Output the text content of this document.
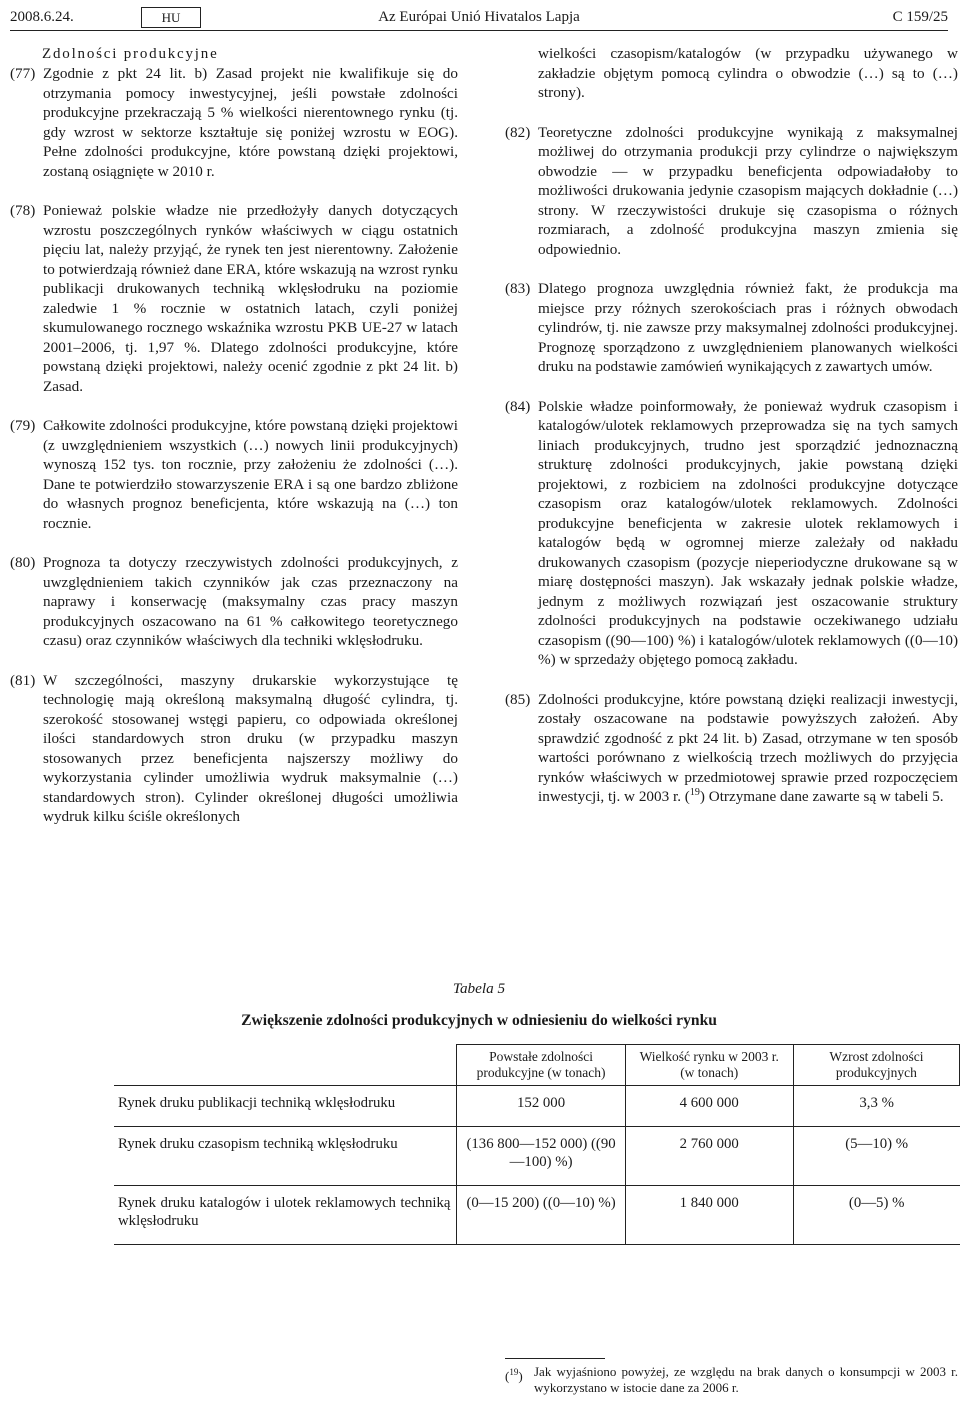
2008.6.24.	Az Európai Unió Hivatalos Lapja
HU	C 159/25

Zdolności produkcyjne

(77) Zgodnie z pkt 24 lit. b) Zasad projekt nie kwalifikuje się do otrzymania pomocy inwestycyjnej, jeśli powstałe zdolności produkcyjne przekraczają 5 % wielkości nierentownego rynku (tj. gdy wzrost w sektorze kształtuje się poniżej wzrostu w EOG). Pełne zdolności produkcyjne, które powstaną dzięki projektowi, zostaną osiągnięte w 2010 r.

(78) Ponieważ polskie władze nie przedłożyły danych dotyczących wzrostu poszczególnych rynków właściwych w ciągu ostatnich pięciu lat, należy przyjąć, że rynek ten jest nierentowny. Założenie to potwierdzają również dane ERA, które wskazują na wzrost rynku publikacji drukowanych techniką wklęsłodruku na poziomie zaledwie 1 % rocznie w ostatnich latach, czyli poniżej skumulowanego rocznego wskaźnika wzrostu PKB UE-27 w latach 2001–2006, tj. 1,97 %. Dlatego zdolności produkcyjne, które powstaną dzięki projektowi, należy ocenić zgodnie z pkt 24 lit. b) Zasad.

(79) Całkowite zdolności produkcyjne, które powstaną dzięki projektowi (z uwzględnieniem wszystkich (…) nowych linii produkcyjnych) wynoszą 152 tys. ton rocznie, przy założeniu że zdolności (…). Dane te potwierdziło stowarzyszenie ERA i są one bardzo zbliżone do własnych prognoz beneficjenta, które wskazują na (…) ton rocznie.

(80) Prognoza ta dotyczy rzeczywistych zdolności produkcyjnych, z uwzględnieniem takich czynników jak czas przeznaczony na naprawy i konserwację (maksymalny czas pracy maszyn produkcyjnych oszacowano na 61 % całkowitego teoretycznego czasu) oraz czynników właściwych dla techniki wklęsłodruku.

(81) W szczególności, maszyny drukarskie wykorzystujące tę technologię mają określoną maksymalną długość cylindra, tj. szerokość stosowanej wstęgi papieru, co odpowiada określonej ilości standardowych stron druku (w przypadku maszyn stosowanych przez beneficjenta najszerszy możliwy do wykorzystania cylinder umożliwia wydruk maksymalnie (…) standardowych stron). Cylinder określonej długości umożliwia wydruk kilku ściśle określonych

wielkości czasopism/katalogów (w przypadku używanego w zakładzie objętym pomocą cylindra o obwodzie (…) są to (…) strony).

(82) Teoretyczne zdolności produkcyjne wynikają z maksymalnej możliwej do otrzymania produkcji przy cylindrze o największym obwodzie — w przypadku beneficjenta odpowiadałoby to możliwości drukowania jedynie czasopism mających dokładnie (…) strony. W rzeczywistości drukuje się czasopisma o różnych rozmiarach, a zdolność produkcyjna maszyn zmienia się odpowiednio.

(83) Dlatego prognoza uwzględnia również fakt, że produkcja ma miejsce przy różnych szerokościach pras i różnych obwodach cylindrów, tj. nie zawsze przy maksymalnej zdolności produkcyjnej. Prognozę sporządzono z uwzględnieniem planowanych wielkości druku na podstawie zamówień wynikających z zawartych umów.

(84) Polskie władze poinformowały, że ponieważ wydruk czasopism i katalogów/ulotek reklamowych przeprowadza się na tych samych liniach produkcyjnych, trudno jest sporządzić jednoznaczną strukturę zdolności produkcyjnych, jakie powstaną dzięki projektowi, z rozbiciem na zdolności produkcyjne dotyczące czasopism oraz katalogów/ulotek reklamowych. Zdolności produkcyjne beneficjenta w zakresie ulotek reklamowych i katalogów będą w ogromnej mierze zależały od nakładu drukowanych czasopism (pozycje nieperiodyczne drukowane są w miarę dostępności maszyn). Jak wskazały jednak polskie władze, jednym z możliwych rozwiązań jest oszacowanie struktury zdolności produkcyjnych na podstawie oczekiwanego udziału czasopism ((90—100) %) i katalogów/ulotek reklamowych ((0—10) %) w sprzedaży objętego pomocą zakładu.

(85) Zdolności produkcyjne, które powstaną dzięki realizacji inwestycji, zostały oszacowane na podstawie powyższych założeń. Aby sprawdzić zgodność z pkt 24 lit. b) Zasad, otrzymane w ten sposób wartości porównano z wielkością trzech możliwych do przyjęcia rynków właściwych w przedmiotowej sprawie przed rozpoczęciem inwestycji, tj. w 2003 r. ($^{19}$) Otrzymane dane zawarte są w tabeli 5.

Tabela 5
Zwiększenie zdolności produkcyjnych w odniesieniu do wielkości rynku
	Powstałe zdolności produkcyjne (w tonach)	Wielkość rynku w 2003 r. (w tonach)	Wzrost zdolności produkcyjnych
Rynek druku publikacji techniką wklęsłodruku	152 000	4 600 000	3,3 %
Rynek druku czasopism techniką wklęsłodruku	(136 800—152 000) ((90—100) %)	2 760 000	(5—10) %
Rynek druku katalogów i ulotek reklamowych techniką wklęsłodruku	(0—15 200) ((0—10) %)	1 840 000	(0—5) %
($^{19}$) Jak wyjaśniono powyżej, ze względu na brak danych o konsumpcji w 2003 r. wykorzystano w istocie dane za 2006 r.
